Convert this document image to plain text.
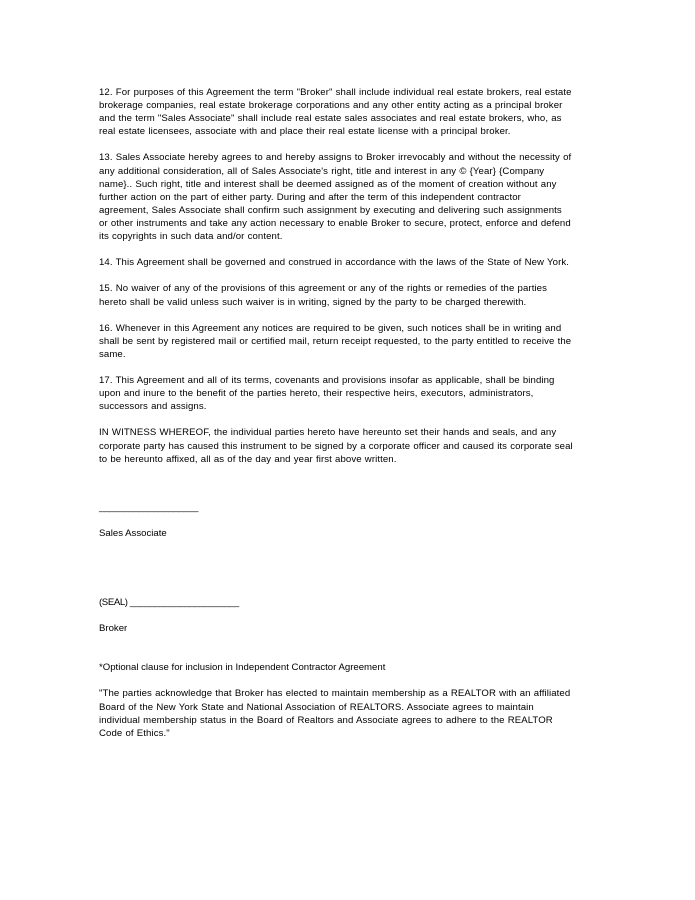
12. For purposes of this Agreement the term "Broker" shall include individual real estate brokers, real estate brokerage companies, real estate brokerage corporations and any other entity acting as a principal broker and the term "Sales Associate" shall include real estate sales associates and real estate brokers, who, as real estate licensees, associate with and place their real estate license with a principal broker.

13. Sales Associate hereby agrees to and hereby assigns to Broker irrevocably and without the necessity of any additional consideration, all of Sales Associate's right, title and interest in any © {Year} {Company name}.. Such right, title and interest shall be deemed assigned as of the moment of creation without any further action on the part of either party. During and after the term of this independent contractor agreement, Sales Associate shall confirm such assignment by executing and delivering such assignments or other instruments and take any action necessary to enable Broker to secure, protect, enforce and defend its copyrights in such data and/or content.

14. This Agreement shall be governed and construed in accordance with the laws of the State of New York.

15. No waiver of any of the provisions of this agreement or any of the rights or remedies of the parties hereto shall be valid unless such waiver is in writing, signed by the party to be charged therewith.

16. Whenever in this Agreement any notices are required to be given, such notices shall be in writing and shall be sent by registered mail or certified mail, return receipt requested, to the party entitled to receive the same.

17. This Agreement and all of its terms, covenants and provisions insofar as applicable, shall be binding upon and inure to the benefit of the parties hereto, their respective heirs, executors, administrators, successors and assigns.

IN WITNESS WHEREOF, the individual parties hereto have hereunto set their hands and seals, and any corporate party has caused this instrument to be signed by a corporate officer and caused its corporate seal to be hereunto affixed, all as of the day and year first above written.

____________________

Sales Associate

(SEAL) ______________________

Broker

*Optional clause for inclusion in Independent Contractor Agreement

"The parties acknowledge that Broker has elected to maintain membership as a REALTOR with an affiliated Board of the New York State and National Association of REALTORS. Associate agrees to maintain individual membership status in the Board of Realtors and Associate agrees to adhere to the REALTOR Code of Ethics."
